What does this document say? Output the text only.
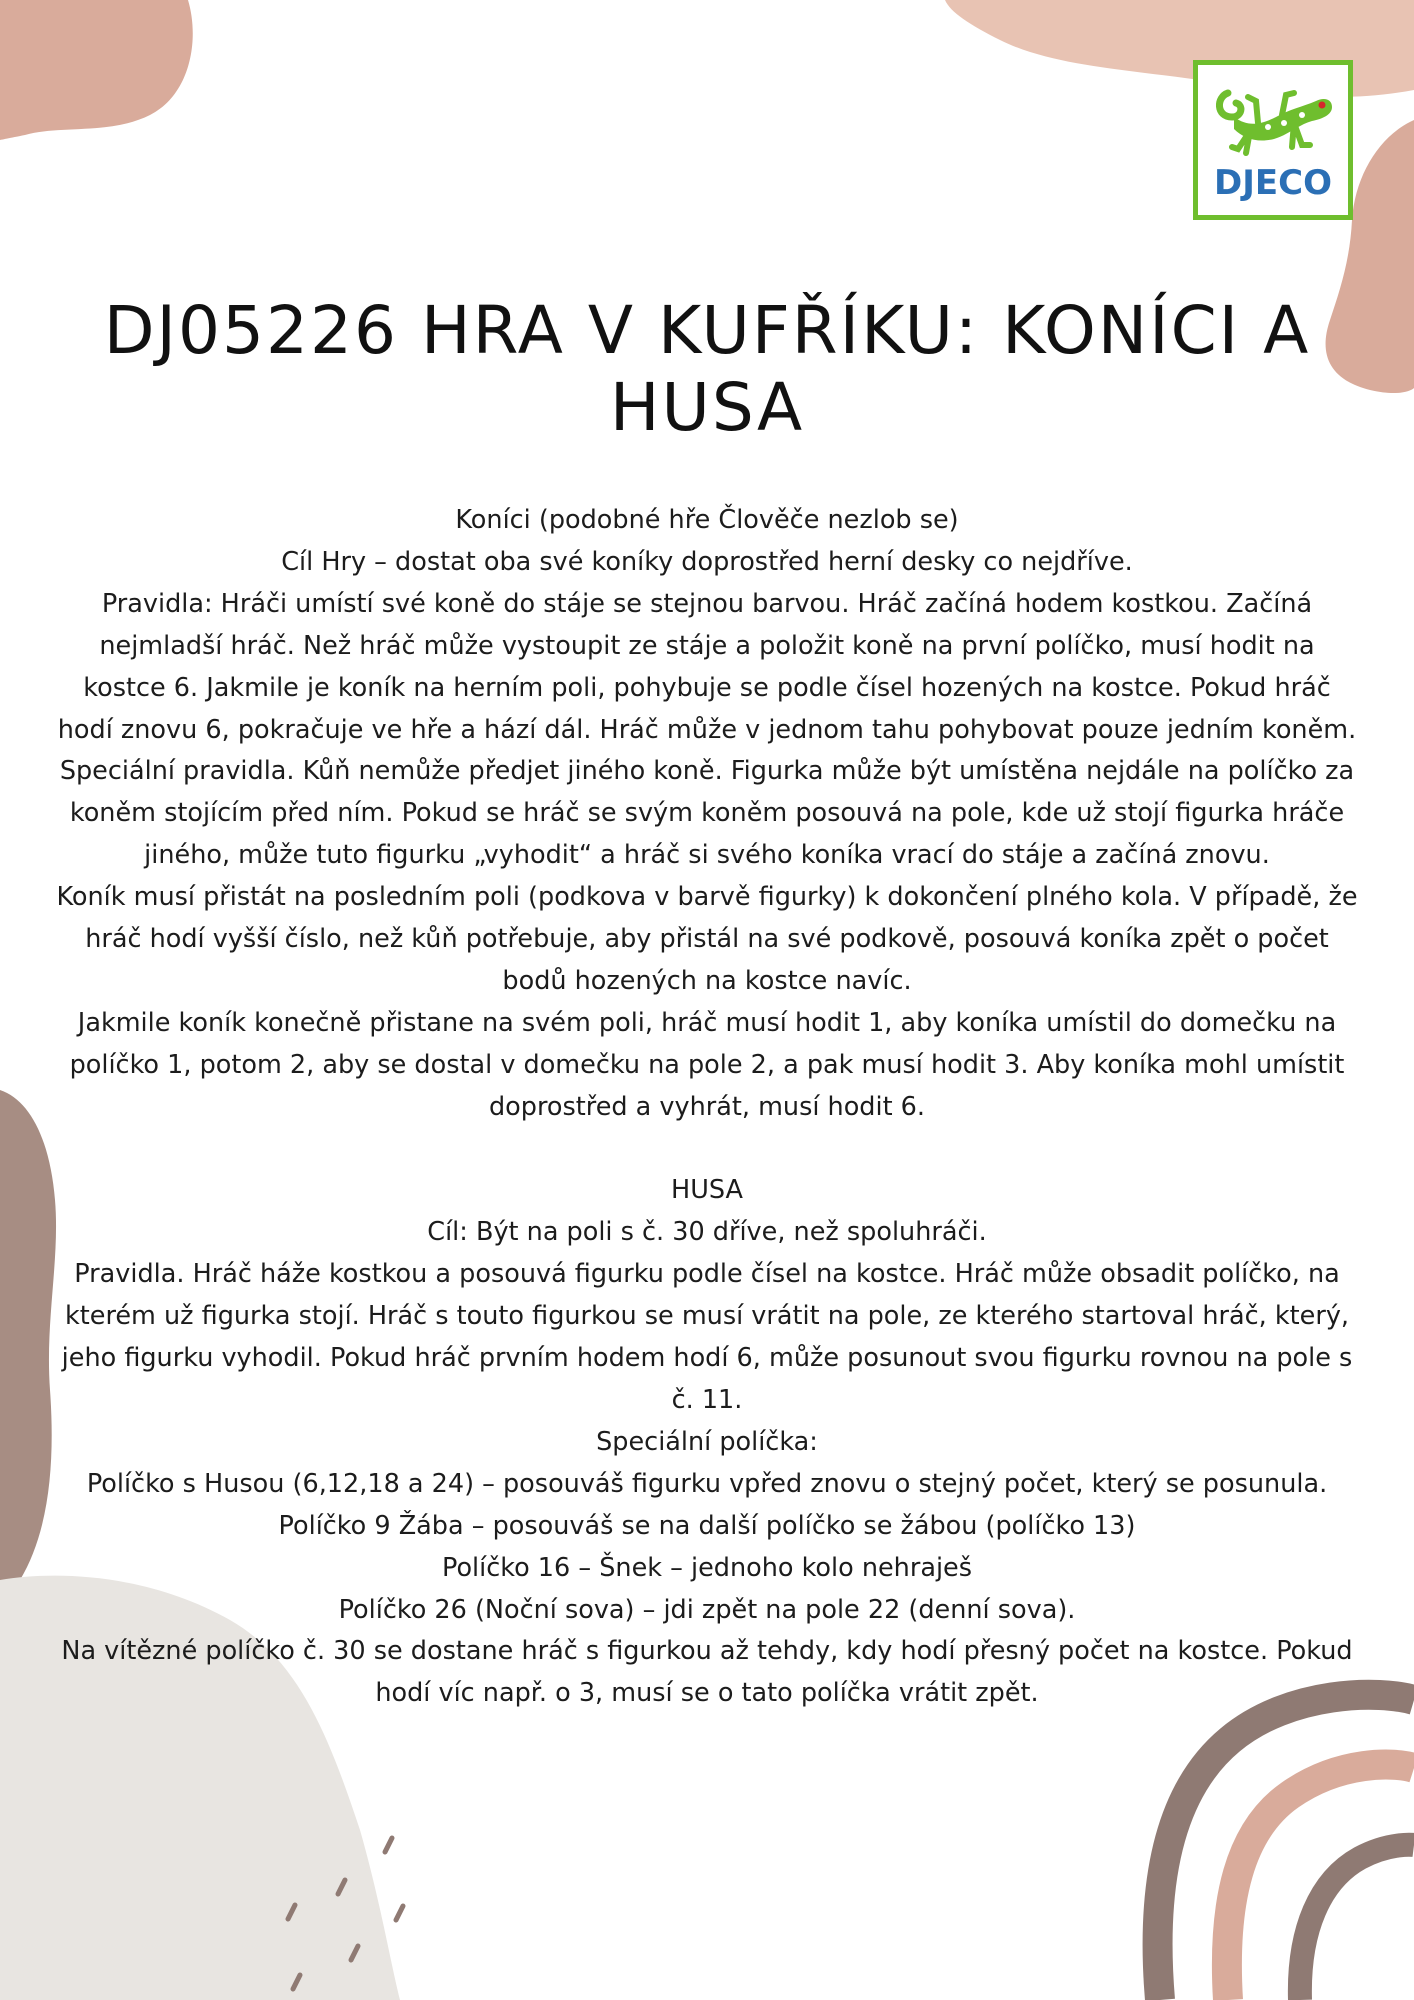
DJECO
DJ05226 HRA V KUFŘÍKU: KONÍCI A HUSA

Koníci (podobné hře Člověče nezlob se)

Cíl Hry – dostat oba své koníky doprostřed herní desky co nejdříve.

Pravidla: Hráči umístí své koně do stáje se stejnou barvou. Hráč začíná hodem kostkou. Začíná nejmladší hráč. Než hráč může vystoupit ze stáje a položit koně na první políčko, musí hodit na kostce 6. Jakmile je koník na herním poli, pohybuje se podle čísel hozených na kostce. Pokud hráč hodí znovu 6, pokračuje ve hře a hází dál. Hráč může v jednom tahu pohybovat pouze jedním koněm.

Speciální pravidla. Kůň nemůže předjet jiného koně. Figurka může být umístěna nejdále na políčko za koněm stojícím před ním. Pokud se hráč se svým koněm posouvá na pole, kde už stojí figurka hráče jiného, může tuto figurku „vyhodit“ a hráč si svého koníka vrací do stáje a začíná znovu.

Koník musí přistát na posledním poli (podkova v barvě figurky) k dokončení plného kola. V případě, že hráč hodí vyšší číslo, než kůň potřebuje, aby přistál na své podkově, posouvá koníka zpět o počet bodů hozených na kostce navíc.

Jakmile koník konečně přistane na svém poli, hráč musí hodit 1, aby koníka umístil do domečku na políčko 1, potom 2, aby se dostal v domečku na pole 2, a pak musí hodit 3. Aby koníka mohl umístit doprostřed a vyhrát, musí hodit 6.

HUSA

Cíl: Být na poli s č. 30 dříve, než spoluhráči.

Pravidla. Hráč háže kostkou a posouvá figurku podle čísel na kostce. Hráč může obsadit políčko, na kterém už figurka stojí. Hráč s touto figurkou se musí vrátit na pole, ze kterého startoval hráč, který, jeho figurku vyhodil. Pokud hráč prvním hodem hodí 6, může posunout svou figurku rovnou na pole s č. 11.

Speciální políčka:

Políčko s Husou (6,12,18 a 24) – posouváš figurku vpřed znovu o stejný počet, který se posunula.

Políčko 9 Žába – posouváš se na další políčko se žábou (políčko 13)

Políčko 16 – Šnek – jednoho kolo nehraješ

Políčko 26 (Noční sova) – jdi zpět na pole 22 (denní sova).

Na vítězné políčko č. 30 se dostane hráč s figurkou až tehdy, kdy hodí přesný počet na kostce. Pokud hodí víc např. o 3, musí se o tato políčka vrátit zpět.
